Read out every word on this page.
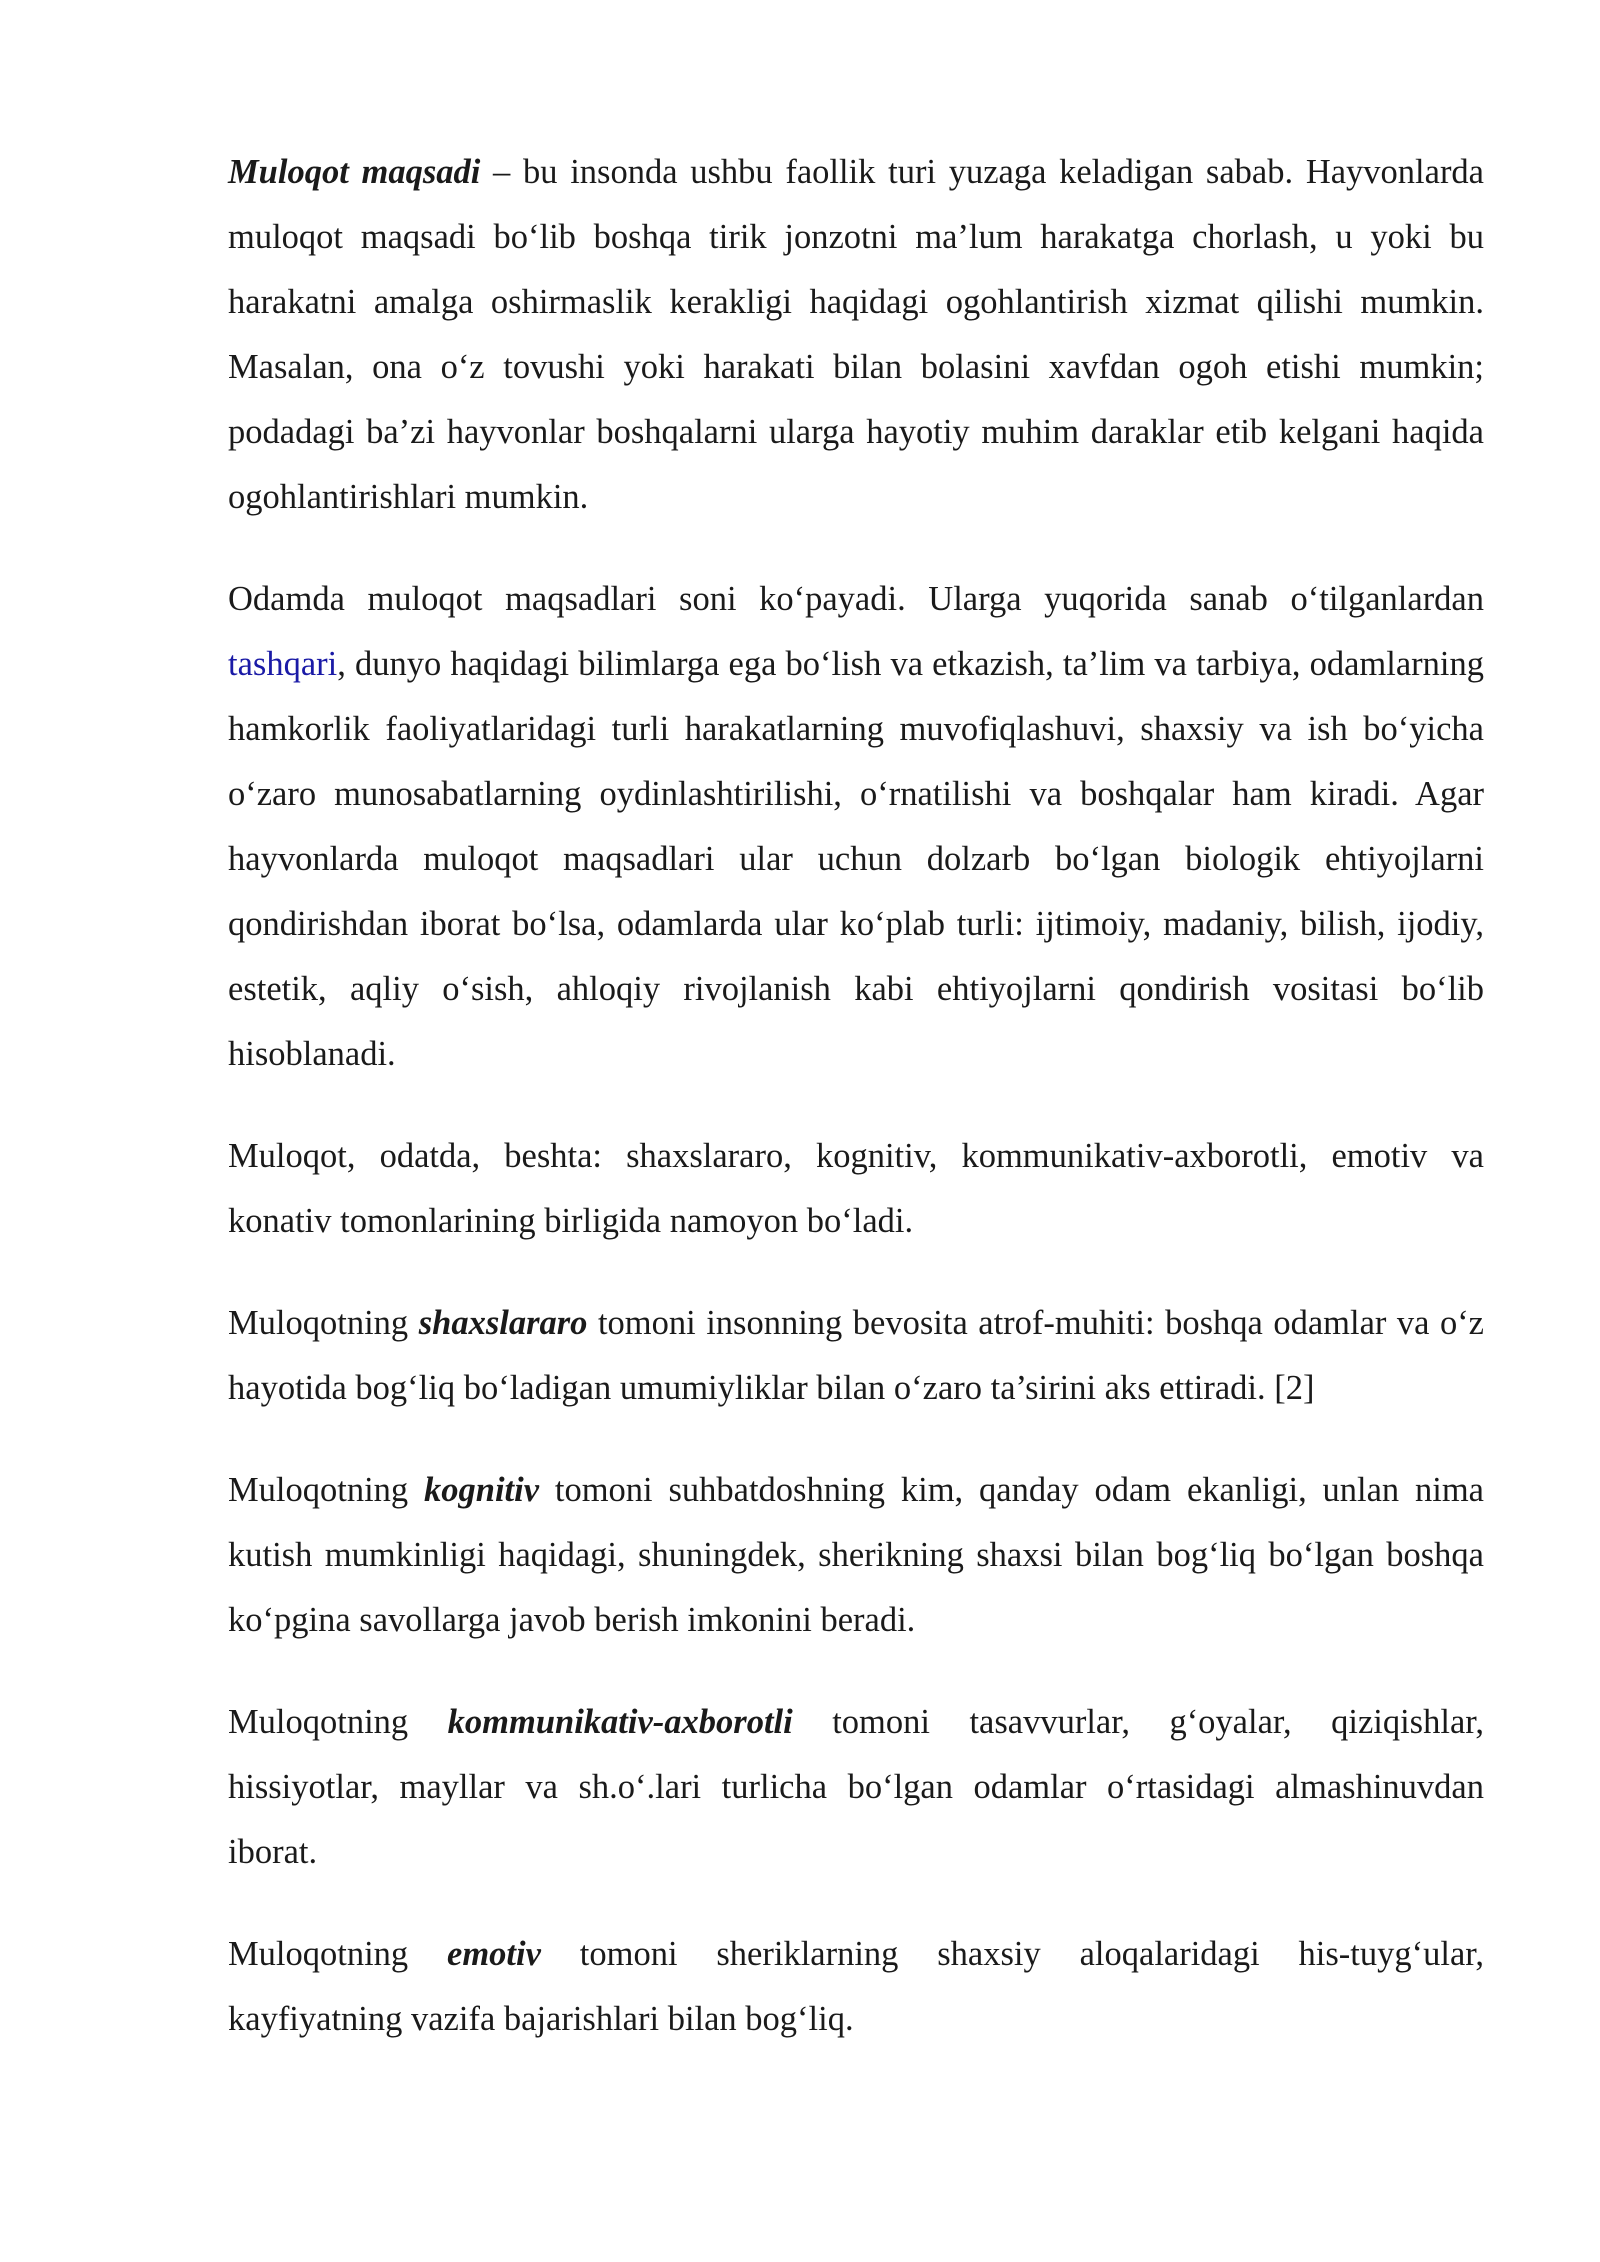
Muloqot maqsadi – bu insonda ushbu faollik turi yuzaga keladigan sabab. Hayvonlarda muloqot maqsadi bo‘lib boshqa tirik jonzotni ma’lum harakatga chorlash, u yoki bu harakatni amalga oshirmaslik kerakligi haqidagi ogohlantirish xizmat qilishi mumkin. Masalan, ona o‘z tovushi yoki harakati bilan bolasini xavfdan ogoh etishi mumkin; podadagi ba’zi hayvonlar boshqalarni ularga hayotiy muhim daraklar etib kelgani haqida ogohlantirishlari mumkin.

Odamda muloqot maqsadlari soni ko‘payadi. Ularga yuqorida sanab o‘tilganlardan tashqari, dunyo haqidagi bilimlarga ega bo‘lish va etkazish, ta’lim va tarbiya, odamlarning hamkorlik faoliyatlaridagi turli harakatlarning muvofiqlashuvi, shaxsiy va ish bo‘yicha o‘zaro munosabatlarning oydinlashtirilishi, o‘rnatilishi va boshqalar ham kiradi. Agar hayvonlarda muloqot maqsadlari ular uchun dolzarb bo‘lgan biologik ehtiyojlarni qondirishdan iborat bo‘lsa, odamlarda ular ko‘plab turli: ijtimoiy, madaniy, bilish, ijodiy, estetik, aqliy o‘sish, ahloqiy rivojlanish kabi ehtiyojlarni qondirish vositasi bo‘lib hisoblanadi.

Muloqot, odatda, beshta: shaxslararo, kognitiv, kommunikativ-axborotli, emotiv va konativ tomonlarining birligida namoyon bo‘ladi.

Muloqotning shaxslararo tomoni insonning bevosita atrof-muhiti: boshqa odamlar va o‘z hayotida bog‘liq bo‘ladigan umumiyliklar bilan o‘zaro ta’sirini aks ettiradi. [2]

Muloqotning kognitiv tomoni suhbatdoshning kim, qanday odam ekanligi, unlan nima kutish mumkinligi haqidagi, shuningdek, sherikning shaxsi bilan bog‘liq bo‘lgan boshqa ko‘pgina savollarga javob berish imkonini beradi.

Muloqotning kommunikativ-axborotli tomoni tasavvurlar, g‘oyalar, qiziqishlar, hissiyotlar, mayllar va sh.o‘.lari turlicha bo‘lgan odamlar o‘rtasidagi almashinuvdan iborat.

Muloqotning emotiv tomoni sheriklarning shaxsiy aloqalaridagi his-tuyg‘ular, kayfiyatning vazifa bajarishlari bilan bog‘liq.
